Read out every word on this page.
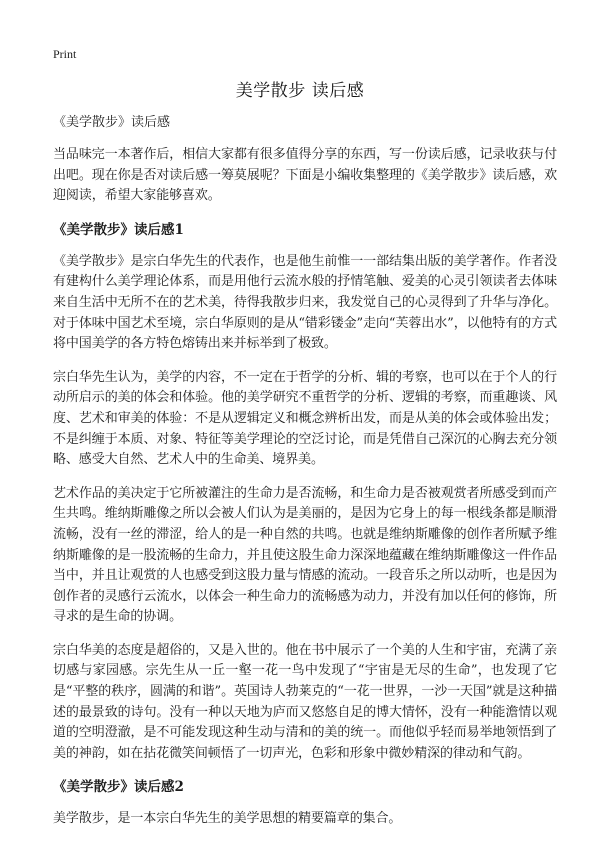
Print
美学散步 读后感

《美学散步》读后感

当品味完一本著作后，相信大家都有很多值得分享的东西，写一份读后感，记录收获与付出吧。现在你是否对读后感一筹莫展呢？下面是小编收集整理的《美学散步》读后感，欢迎阅读，希望大家能够喜欢。

《美学散步》读后感1

《美学散步》是宗白华先生的代表作，也是他生前惟一一部结集出版的美学著作。作者没有建构什么美学理论体系，而是用他行云流水般的抒情笔触、爱美的心灵引领读者去体味来自生活中无所不在的艺术美，待得我散步归来，我发觉自己的心灵得到了升华与净化。对于体味中国艺术至境，宗白华原则的是从“错彩镂金”走向“芙蓉出水”，以他特有的方式将中国美学的各方特色熔铸出来并标举到了极致。

宗白华先生认为，美学的内容，不一定在于哲学的分析、辑的考察，也可以在于个人的行动所启示的美的体会和体验。他的美学研究不重哲学的分析、逻辑的考察，而重趣谈、风度、艺术和审美的体验：不是从逻辑定义和概念辨析出发，而是从美的体会或体验出发；不是纠缠于本质、对象、特征等美学理论的空泛讨论，而是凭借自己深沉的心胸去充分领略、感受大自然、艺术人中的生命美、境界美。

艺术作品的美决定于它所被灌注的生命力是否流畅，和生命力是否被观赏者所感受到而产生共鸣。维纳斯雕像之所以会被人们认为是美丽的，是因为它身上的每一根线条都是顺滑流畅，没有一丝的滞涩，给人的是一种自然的共鸣。也就是维纳斯雕像的创作者所赋予维纳斯雕像的是一股流畅的生命力，并且使这股生命力深深地蕴藏在维纳斯雕像这一件作品当中，并且让观赏的人也感受到这股力量与情感的流动。一段音乐之所以动听，也是因为创作者的灵感行云流水，以体会一种生命力的流畅感为动力，并没有加以任何的修饰，所寻求的是生命的协调。

宗白华美的态度是超俗的，又是入世的。他在书中展示了一个美的人生和宇宙，充满了亲切感与家园感。宗先生从一丘一壑一花一鸟中发现了“宇宙是无尽的生命”，也发现了它是“平整的秩序，圆满的和谐”。英国诗人勃莱克的“一花一世界，一沙一天国”就是这种描述的最景致的诗句。没有一种以天地为庐而又悠悠自足的博大情怀，没有一种能澹情以观道的空明澄澈，是不可能发现这种生动与清和的美的统一。而他似乎轻而易举地领悟到了美的神韵，如在拈花微笑间顿悟了一切声光，色彩和形象中微妙精深的律动和气韵。

《美学散步》读后感2

美学散步，是一本宗白华先生的美学思想的精要篇章的集合。
